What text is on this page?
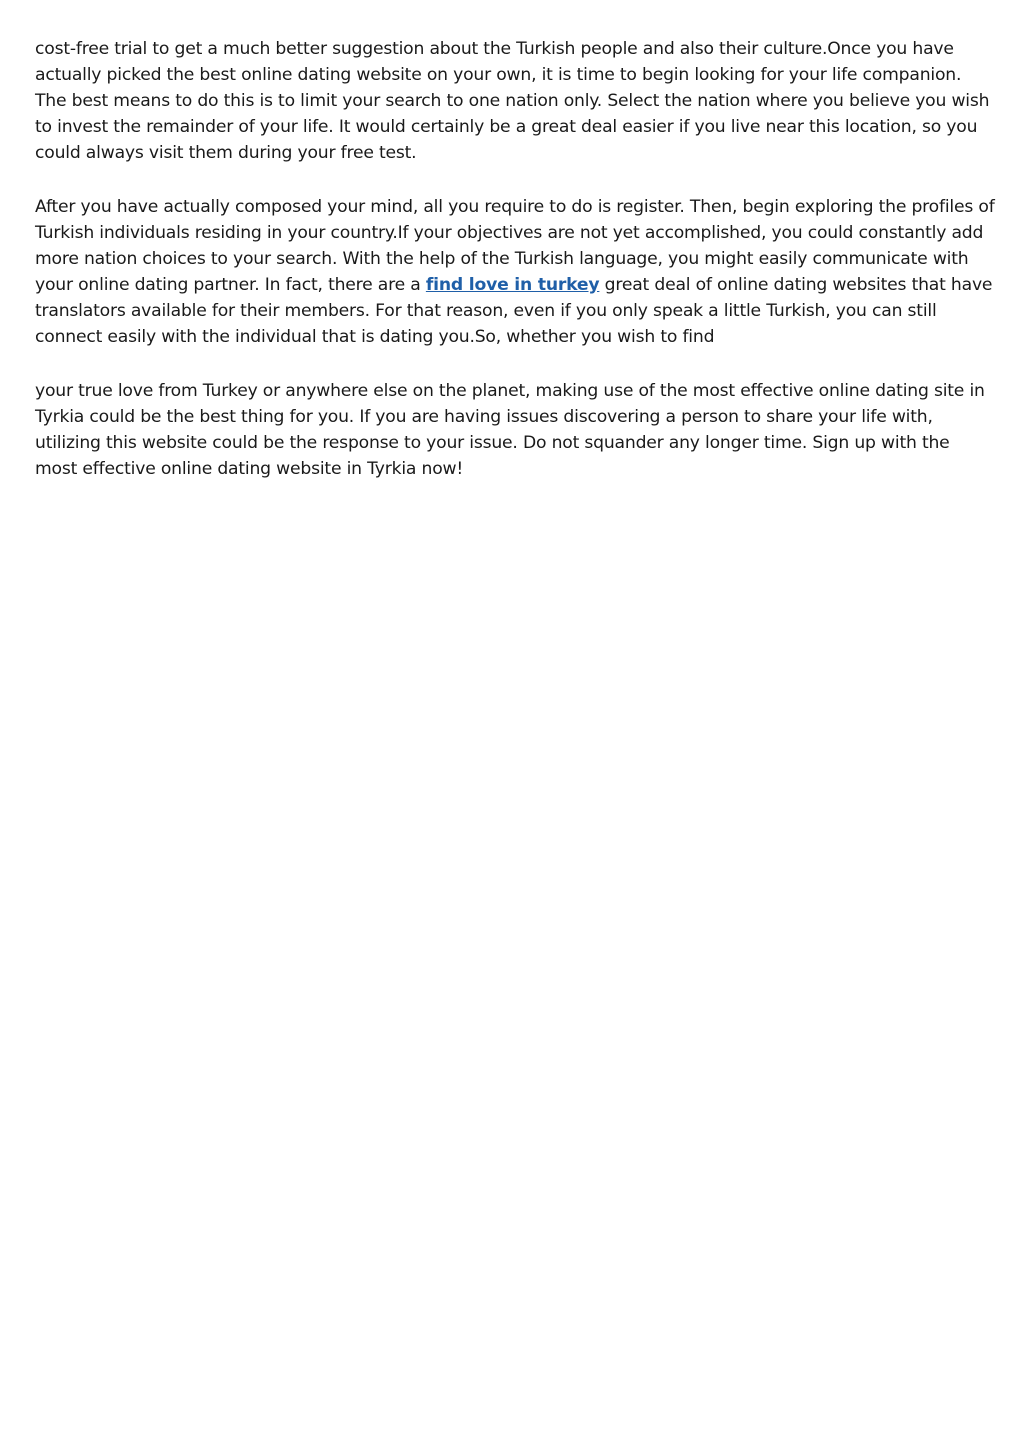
cost-free trial to get a much better suggestion about the Turkish people and also their culture.Once you have actually picked the best online dating website on your own, it is time to begin looking for your life companion. The best means to do this is to limit your search to one nation only. Select the nation where you believe you wish to invest the remainder of your life. It would certainly be a great deal easier if you live near this location, so you could always visit them during your free test.

After you have actually composed your mind, all you require to do is register. Then, begin exploring the profiles of Turkish individuals residing in your country.If your objectives are not yet accomplished, you could constantly add more nation choices to your search. With the help of the Turkish language, you might easily communicate with your online dating partner. In fact, there are a find love in turkey great deal of online dating websites that have translators available for their members. For that reason, even if you only speak a little Turkish, you can still connect easily with the individual that is dating you.So, whether you wish to find

your true love from Turkey or anywhere else on the planet, making use of the most effective online dating site in Tyrkia could be the best thing for you. If you are having issues discovering a person to share your life with, utilizing this website could be the response to your issue. Do not squander any longer time. Sign up with the most effective online dating website in Tyrkia now!
